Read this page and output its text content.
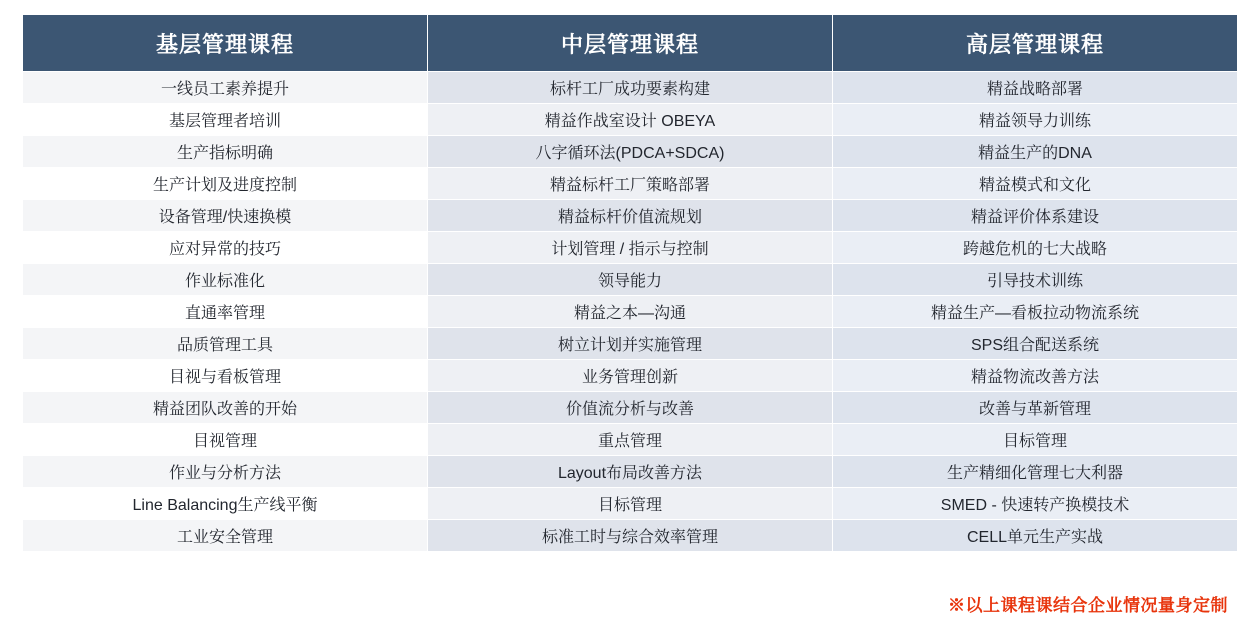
基层管理课程	中层管理课程	高层管理课程
一线员工素养提升	标杆工厂成功要素构建	精益战略部署
基层管理者培训	精益作战室设计 OBEYA	精益领导力训练
生产指标明确	八字循环法(PDCA+SDCA)	精益生产的DNA
生产计划及进度控制	精益标杆工厂策略部署	精益模式和文化
设备管理/快速换模	精益标杆价值流规划	精益评价体系建设
应对异常的技巧	计划管理 / 指示与控制	跨越危机的七大战略
作业标准化	领导能力	引导技术训练
直通率管理	精益之本—沟通	精益生产—看板拉动物流系统
品质管理工具	树立计划并实施管理	SPS组合配送系统
目视与看板管理	业务管理创新	精益物流改善方法
精益团队改善的开始	价值流分析与改善	改善与革新管理
目视管理	重点管理	目标管理
作业与分析方法	Layout布局改善方法	生产精细化管理七大利器
Line Balancing生产线平衡	目标管理	SMED - 快速转产换模技术
工业安全管理	标准工时与综合效率管理	CELL单元生产实战
※以上课程课结合企业情况量身定制
